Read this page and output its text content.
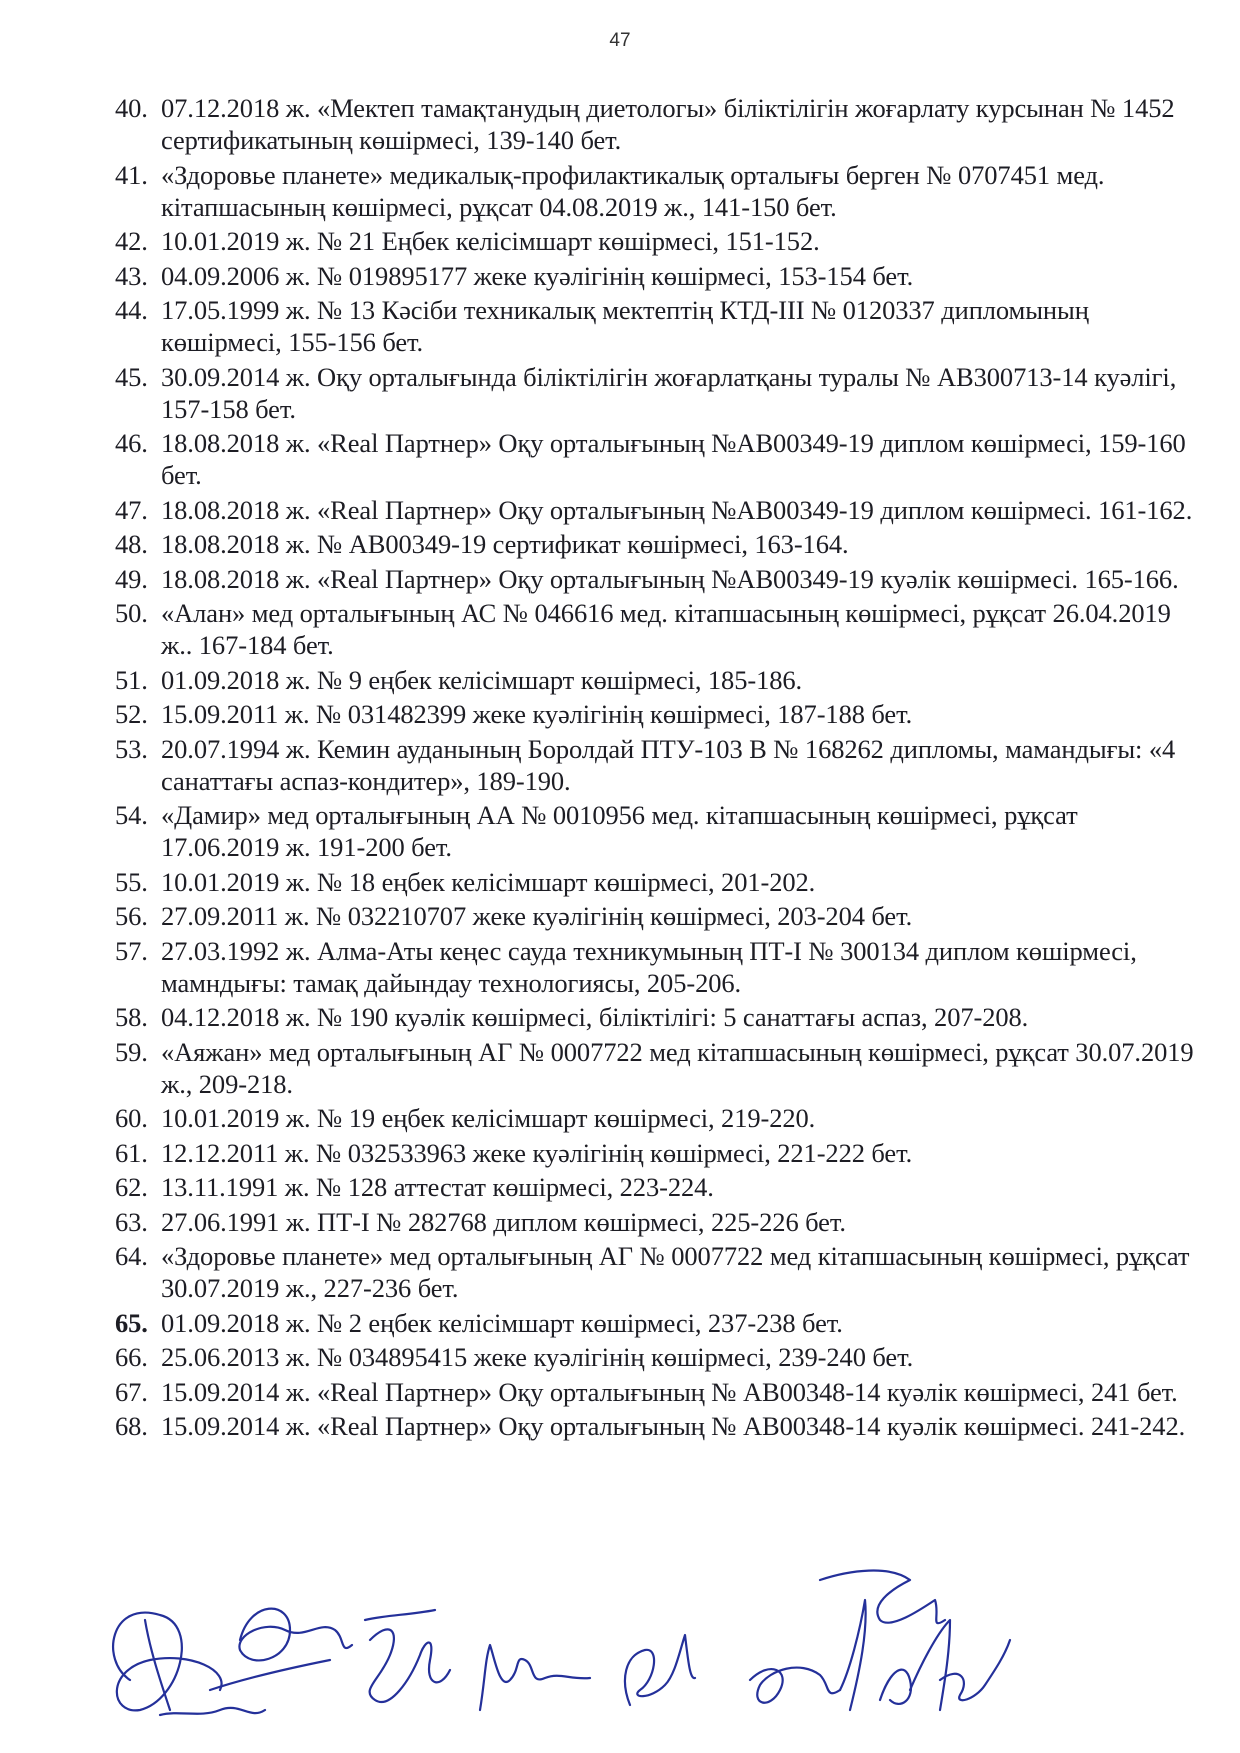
47
40. 07.12.2018 ж. «Мектеп тамақтанудың диетологы» біліктілігін жоғарлату курсынан № 1452 сертификатының көшірмесі, 139-140 бет.
41. «Здоровье планете» медикалық-профилактикалық орталығы берген № 0707451 мед. кітапшасының көшірмесі, рұқсат 04.08.2019 ж., 141-150 бет.
42. 10.01.2019 ж. № 21 Еңбек келісімшарт көшірмесі, 151-152.
43. 04.09.2006 ж. № 019895177 жеке куәлігінің көшірмесі, 153-154 бет.
44. 17.05.1999 ж. № 13 Кәсіби техникалық мектептің КТД-III № 0120337 дипломының көшірмесі, 155-156 бет.
45. 30.09.2014 ж. Оқу орталығында біліктілігін жоғарлатқаны туралы № АВ300713-14 куәлігі, 157-158 бет.
46. 18.08.2018 ж. «Real Партнер» Оқу орталығының №АВ00349-19 диплом көшірмесі, 159-160 бет.
47. 18.08.2018 ж. «Real Партнер» Оқу орталығының №АВ00349-19 диплом көшірмесі. 161-162.
48. 18.08.2018 ж. № АВ00349-19 сертификат көшірмесі, 163-164.
49. 18.08.2018 ж. «Real Партнер» Оқу орталығының №АВ00349-19 куәлік көшірмесі. 165-166.
50. «Алан» мед орталығының АС № 046616 мед. кітапшасының көшірмесі, рұқсат 26.04.2019 ж.. 167-184 бет.
51. 01.09.2018 ж. № 9 еңбек келісімшарт көшірмесі, 185-186.
52. 15.09.2011 ж. № 031482399 жеке куәлігінің көшірмесі, 187-188 бет.
53. 20.07.1994 ж. Кемин ауданының Боролдай ПТУ-103 В № 168262 дипломы, мамандығы: «4 санаттағы аспаз-кондитер», 189-190.
54. «Дамир» мед орталығының АА № 0010956 мед. кітапшасының көшірмесі, рұқсат 17.06.2019 ж. 191-200 бет.
55. 10.01.2019 ж. № 18 еңбек келісімшарт көшірмесі, 201-202.
56. 27.09.2011 ж. № 032210707 жеке куәлігінің көшірмесі, 203-204 бет.
57. 27.03.1992 ж. Алма-Аты кеңес сауда техникумының ПТ-І № 300134 диплом көшірмесі, мамндығы: тамақ дайындау технологиясы, 205-206.
58. 04.12.2018 ж. № 190 куәлік көшірмесі, біліктілігі: 5 санаттағы аспаз, 207-208.
59. «Аяжан» мед орталығының АГ № 0007722 мед кітапшасының көшірмесі, рұқсат 30.07.2019 ж., 209-218.
60. 10.01.2019 ж. № 19 еңбек келісімшарт көшірмесі, 219-220.
61. 12.12.2011 ж. № 032533963 жеке куәлігінің көшірмесі, 221-222 бет.
62. 13.11.1991 ж. № 128 аттестат көшірмесі, 223-224.
63. 27.06.1991 ж. ПТ-І № 282768 диплом көшірмесі, 225-226 бет.
64. «Здоровье планете» мед орталығының АГ № 0007722 мед кітапшасының көшірмесі, рұқсат 30.07.2019 ж., 227-236 бет.
65. 01.09.2018 ж. № 2 еңбек келісімшарт көшірмесі, 237-238 бет.
66. 25.06.2013 ж. № 034895415 жеке куәлігінің көшірмесі, 239-240 бет.
67. 15.09.2014 ж. «Real Партнер» Оқу орталығының № АВ00348-14 куәлік көшірмесі, 241 бет.
68. 15.09.2014 ж. «Real Партнер» Оқу орталығының № АВ00348-14 куәлік көшірмесі. 241-242.
